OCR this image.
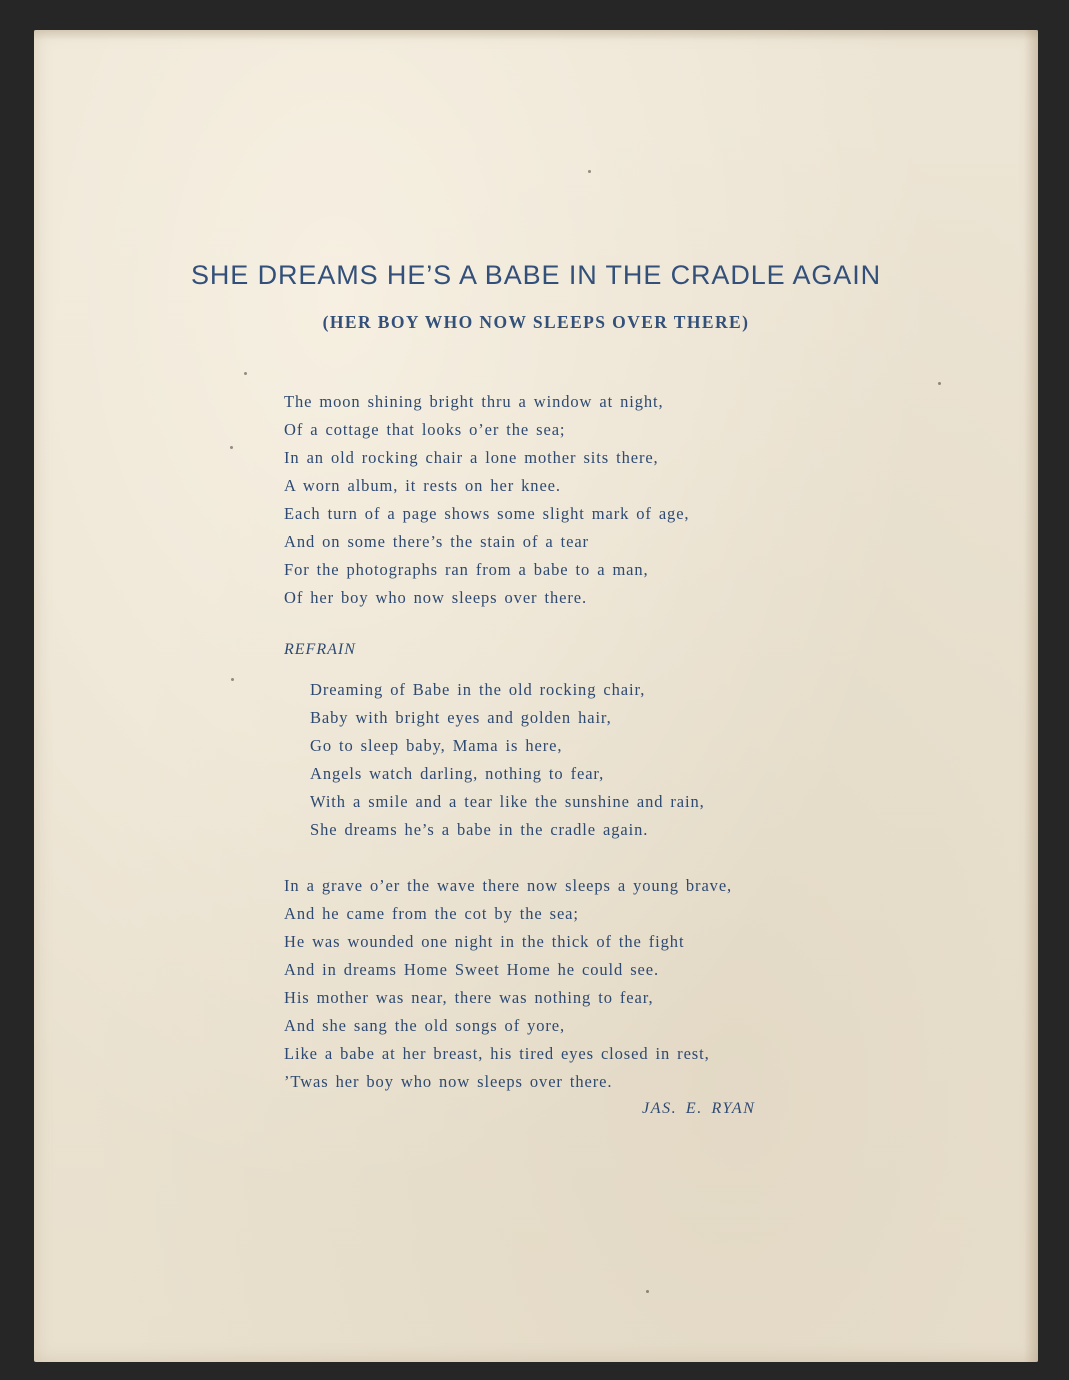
SHE DREAMS HE’S A BABE IN THE CRADLE AGAIN
(HER BOY WHO NOW SLEEPS OVER THERE)
The moon shining bright thru a window at night,
Of a cottage that looks o’er the sea;
In an old rocking chair a lone mother sits there,
A worn album, it rests on her knee.
Each turn of a page shows some slight mark of age,
And on some there’s the stain of a tear
For the photographs ran from a babe to a man,
Of her boy who now sleeps over there.

REFRAIN

Dreaming of Babe in the old rocking chair,
Baby with bright eyes and golden hair,
Go to sleep baby, Mama is here,
Angels watch darling, nothing to fear,
With a smile and a tear like the sunshine and rain,
She dreams he’s a babe in the cradle again.
In a grave o’er the wave there now sleeps a young brave,
And he came from the cot by the sea;
He was wounded one night in the thick of the fight
And in dreams Home Sweet Home he could see.
His mother was near, there was nothing to fear,
And she sang the old songs of yore,
Like a babe at her breast, his tired eyes closed in rest,
’Twas her boy who now sleeps over there.

JAS. E. RYAN
